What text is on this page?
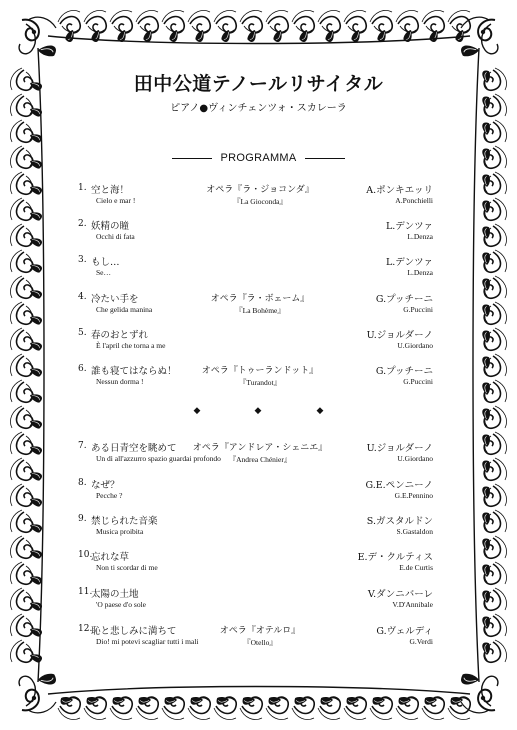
田中公道テノールリサイタル
ピアノ●ヴィンチェンツォ・スカレーラ
PROGRAMMA
1. 空と海！
Cielo e mar !
オペラ『ラ・ジョコンダ』
『La Gioconda』
A.ポンキエッリ
A.Ponchielli
2. 妖精の瞳
Occhi di fata
L.デンツァ
L.Denza
3. もし…
Se…
L.デンツァ
L.Denza
4. 冷たい手を
Che gelida manina
オペラ『ラ・ボェーム』
『La Bohème』
G.プッチーニ
G.Puccini
5. 春のおとずれ
È l'april che torna a me
U.ジョルダーノ
U.Giordano
6. 誰も寝てはならぬ！
Nessun dorma !
オペラ『トゥーランドット』
『Turandot』
G.プッチーニ
G.Puccini
7. ある日青空を眺めて
Un dì all'azzurro spazio guardai profondo
オペラ『アンドレア・シェニエ』
『Andrea Chénier』
U.ジョルダーノ
U.Giordano
8. なぜ？
Pecche ?
G.E.ペンニーノ
G.E.Pennino
9. 禁じられた音楽
Musica proibita
S.ガスタルドン
S.Gastaldon
10.
忘れな草
Non ti scordar di me
E.デ・クルティス
E.de Curtis
11.
太陽の土地
'O paese d'o sole
V.ダンニバーレ
V.D'Annibale
12.
恥と悲しみに満ちて
Dio! mi potevi scagliar tutti i mali
オペラ『オテルロ』
『Otello』
G.ヴェルディ
G.Verdi
◆	◆	◆
